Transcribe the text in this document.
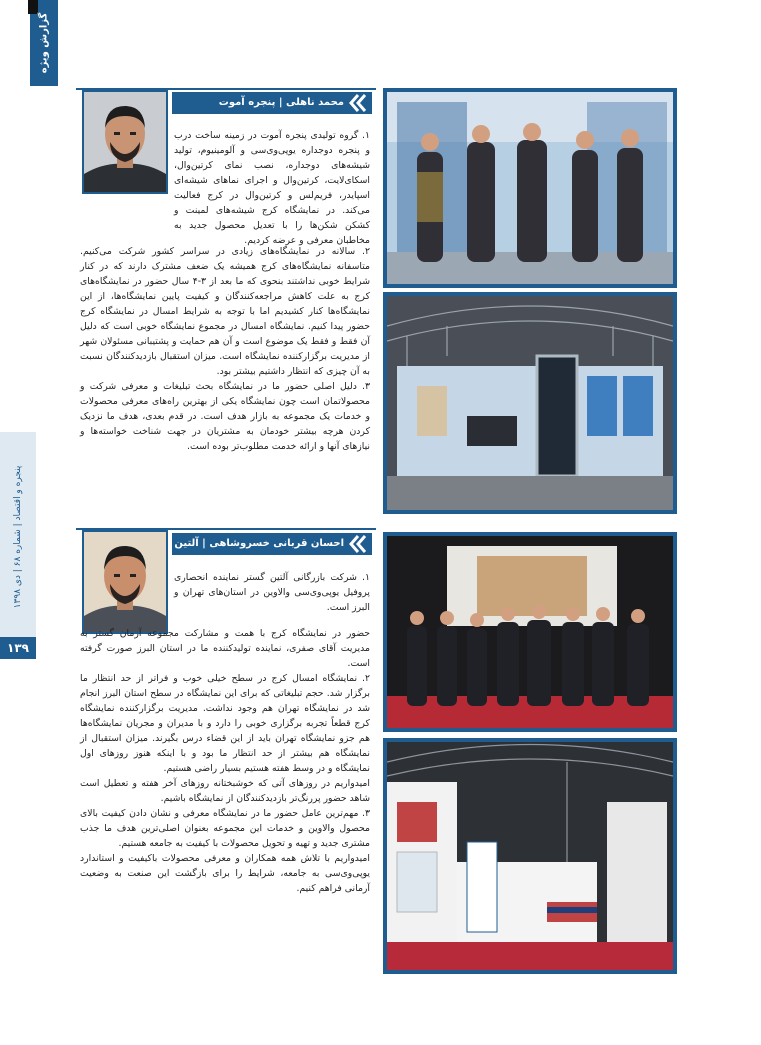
گزارش ویژه
پنجره و اقتصاد | شماره ۶۸ | دی ۱۳۹۸
۱۳۹
محمد ناهلی | پنجره آموت

۱. گروه تولیدی پنجره آموت در زمینه ساخت درب و پنجره دوجداره یوپی‌وی‌سی و آلومینیوم، تولید شیشه‌های دوجداره، نصب نمای کرتین‌وال، اسکای‌لایت، کرتین‌وال و اجرای نماهای شیشه‌ای اسپایدر، فریم‌لس و کرتین‌وال در کرج فعالیت می‌کند. در نمایشگاه کرج شیشه‌های لمینت و کشکن شکن‌ها را با تعدیل محصول جدید به مخاطبان معرفی و عرضه کردیم.

۲. سالانه در نمایشگاه‌های زیادی در سراسر کشور شرکت می‌کنیم. متاسفانه نمایشگاه‌های کرج همیشه یک ضعف مشترک دارند که در کنار شرایط خوبی نداشتند بنحوی که ما بعد از ۳-۴ سال حضور در نمایشگاه‌های کرج به علت کاهش مراجعه‌کنندگان و کیفیت پایین نمایشگاه‌ها، از این نمایشگاه‌ها کنار کشیدیم اما با توجه به شرایط امسال در نمایشگاه کرج حضور پیدا کنیم. نمایشگاه امسال در مجموع نمایشگاه خوبی است که دلیل آن فقط و فقط یک موضوع است و آن هم حمایت و پشتیبانی مسئولان شهر از مدیریت برگزارکننده نمایشگاه است. میزان استقبال بازدیدکنندگان نسبت به آن چیزی که انتظار داشتیم بیشتر بود.

۳. دلیل اصلی حضور ما در نمایشگاه بحث تبلیغات و معرفی شرکت و محصولاتمان است چون نمایشگاه یکی از بهترین راه‌های معرفی محصولات و خدمات یک مجموعه به بازار هدف است. در قدم بعدی، هدف ما نزدیک کردن هرچه بیشتر خودمان به مشتریان در جهت شناخت خواسته‌ها و نیازهای آنها و ارائه خدمت مطلوب‌تر بوده است.

احسان قربانی خسروشاهی | آلتین گستر

۱. شرکت بازرگانی آلتین گستر نماینده انحصاری پروفیل یوپی‌وی‌سی والاوین در استان‌های تهران و البرز است.

حضور در نمایشگاه کرج با همت و مشارکت مجموعه آرمان گستر به مدیریت آقای صفری، نماینده تولیدکننده ما در استان البرز صورت گرفته است.

۲. نمایشگاه امسال کرج در سطح خیلی خوب و فراتر از حد انتظار ما برگزار شد. حجم تبلیغاتی که برای این نمایشگاه در سطح استان البرز انجام شد در نمایشگاه تهران هم وجود نداشت. مدیریت برگزارکننده نمایشگاه کرج قطعاً تجربه برگزاری خوبی را دارد و با مدیران و مجریان نمایشگاه‌ها هم جزو نمایشگاه تهران باید از این قضاء درس بگیرند. میزان استقبال از نمایشگاه هم بیشتر از حد انتظار ما بود و با اینکه هنوز روزهای اول نمایشگاه و در وسط هفته هستیم بسیار راضی هستیم.

امیدواریم در روزهای آتی که خوشبختانه روزهای آخر هفته و تعطیل است شاهد حضور پررنگ‌تر بازدیدکنندگان از نمایشگاه باشیم.

۳. مهم‌ترین عامل حضور ما در نمایشگاه معرفی و نشان دادن کیفیت بالای محصول والاوین و خدمات این مجموعه بعنوان اصلی‌ترین هدف ما جذب مشتری جدید و تهیه و تحویل محصولات با کیفیت به جامعه هستیم.

امیدواریم با تلاش همه همکاران و معرفی محصولات باکیفیت و استاندارد یوپی‌وی‌سی به جامعه، شرایط را برای بازگشت این صنعت به وضعیت آرمانی فراهم کنیم.
